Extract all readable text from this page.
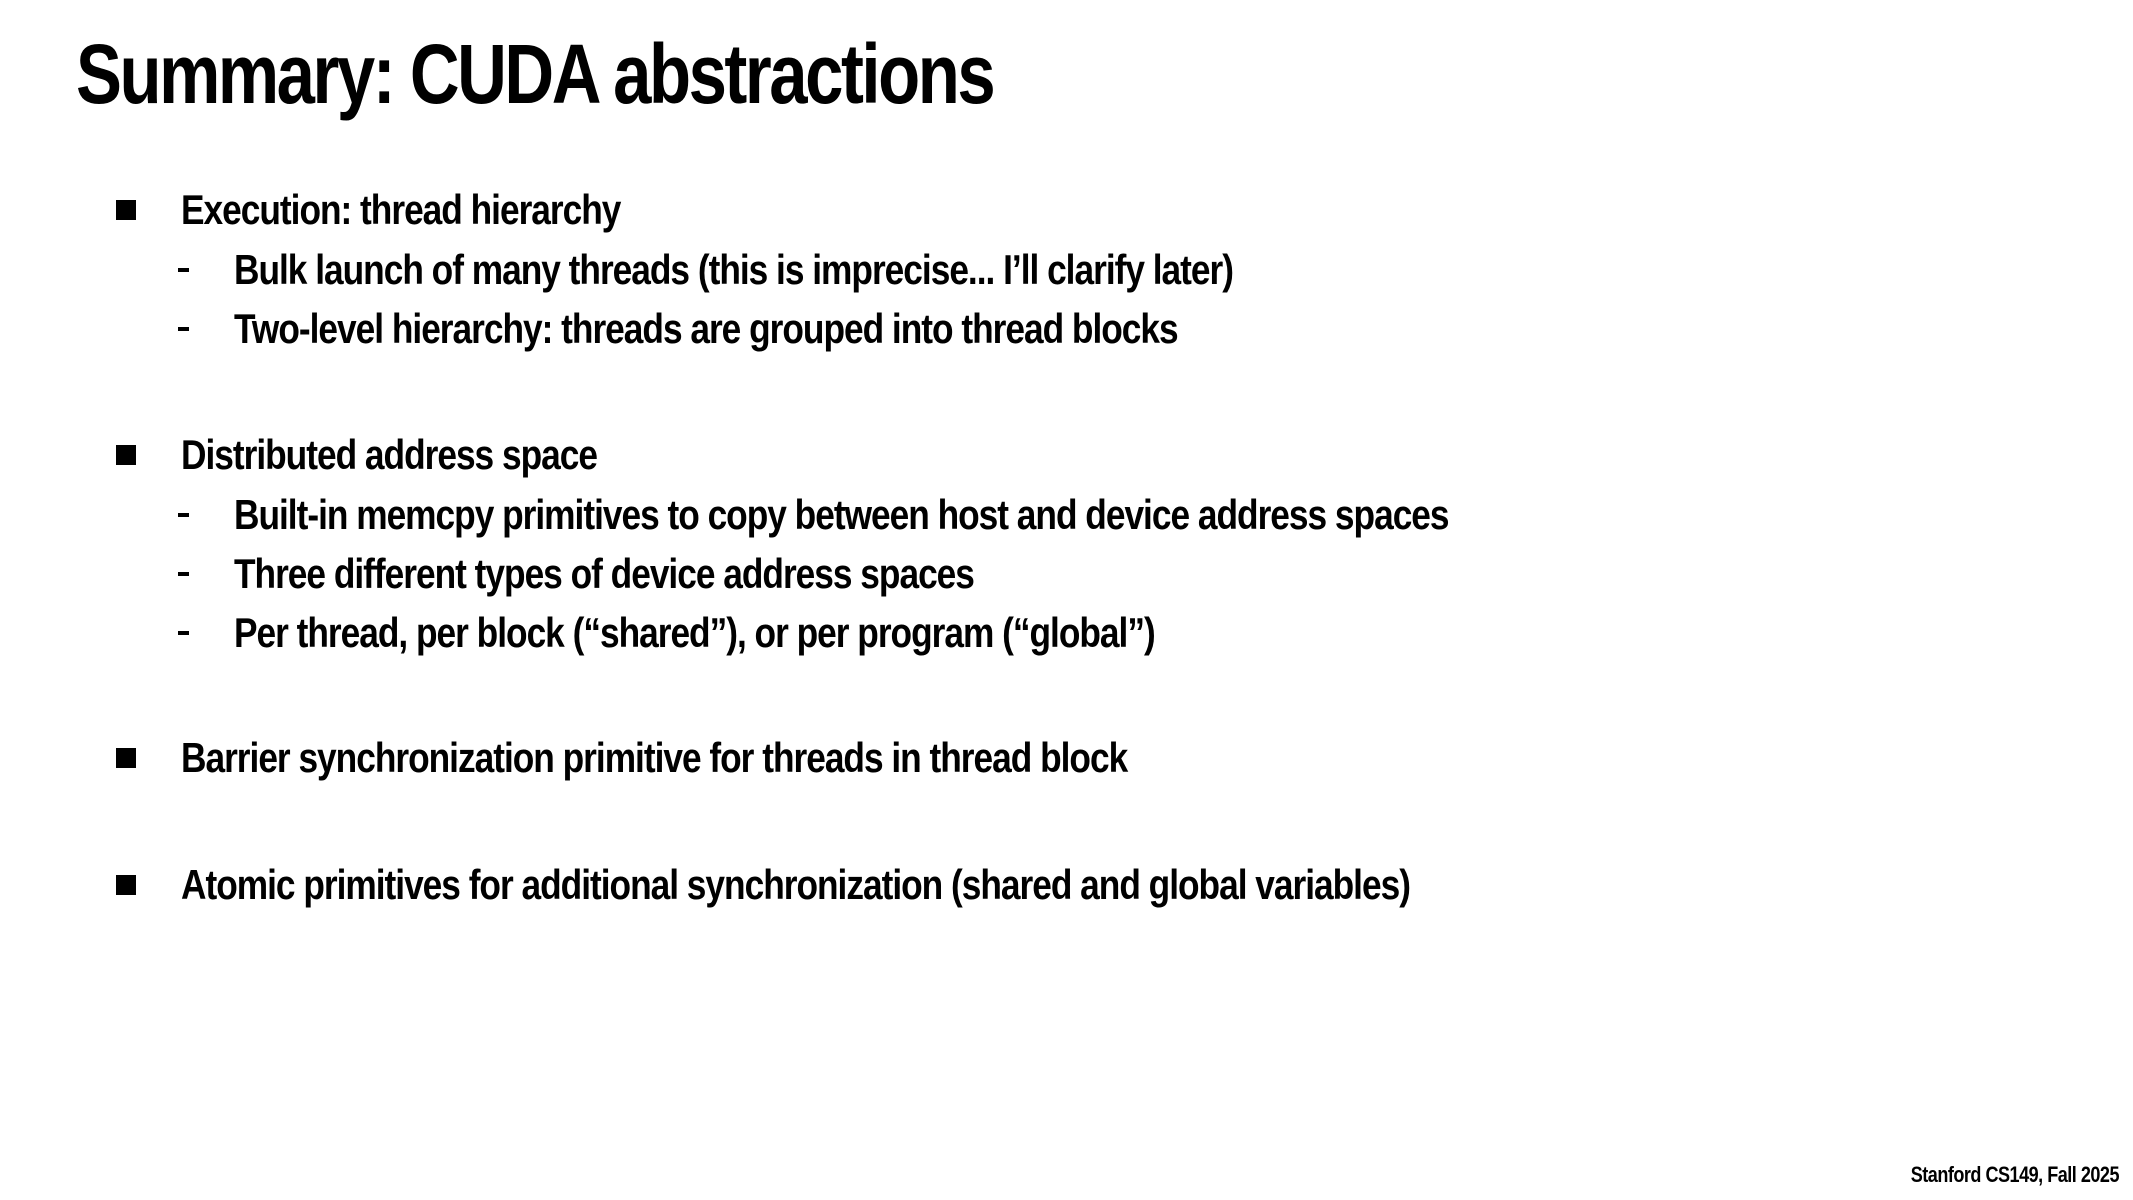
Summary: CUDA abstractions
Execution: thread hierarchy
Bulk launch of many threads (this is imprecise... I’ll clarify later)
Two-level hierarchy: threads are grouped into thread blocks
Distributed address space
Built-in memcpy primitives to copy between host and device address spaces
Three different types of device address spaces
Per thread, per block (“shared”), or per program (“global”)
Barrier synchronization primitive for threads in thread block
Atomic primitives for additional synchronization (shared and global variables)
Stanford CS149, Fall 2025
